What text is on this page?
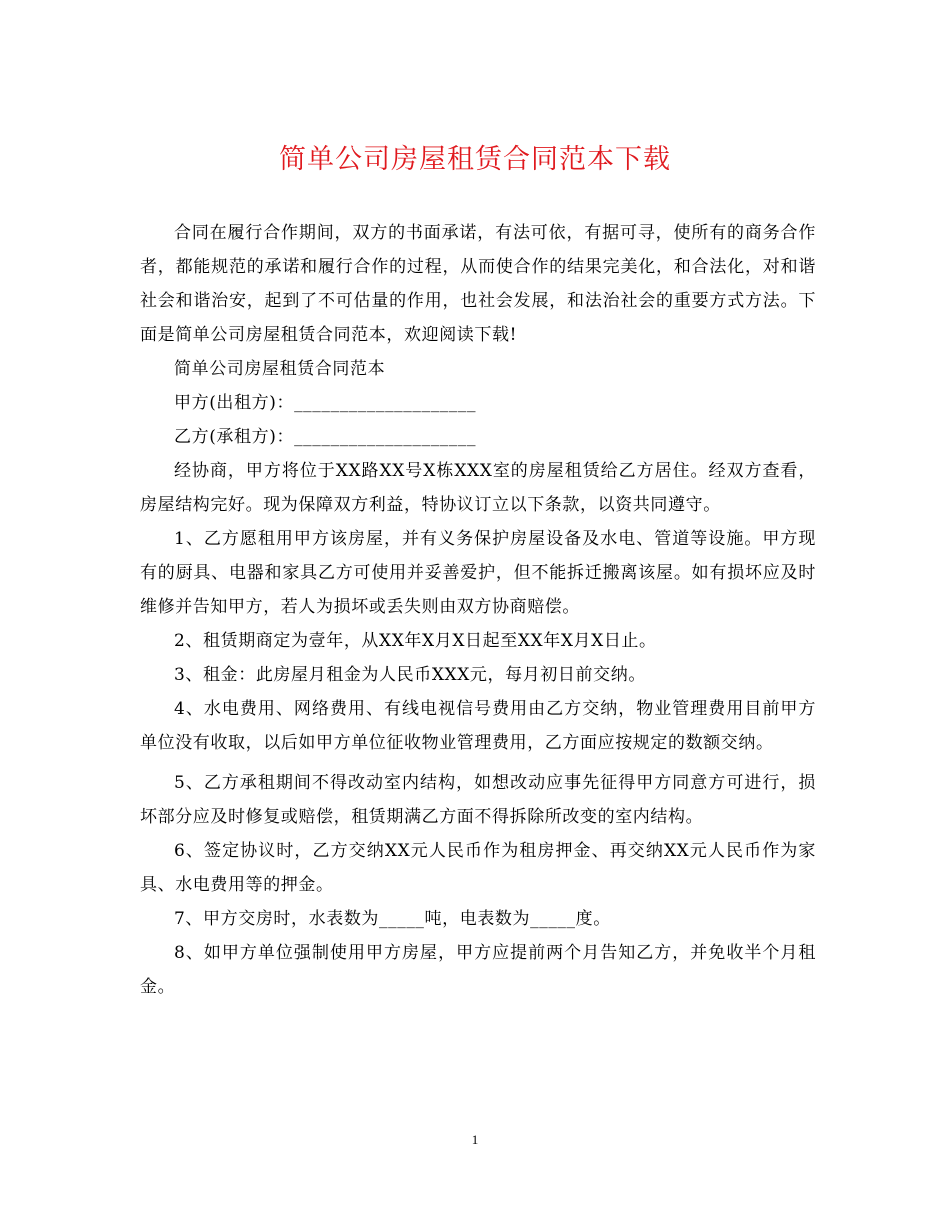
简单公司房屋租赁合同范本下载

合同在履行合作期间，双方的书面承诺，有法可依，有据可寻，使所有的商务合作者，都能规范的承诺和履行合作的过程，从而使合作的结果完美化，和合法化，对和谐社会和谐治安，起到了不可估量的作用，也社会发展，和法治社会的重要方式方法。下面是简单公司房屋租赁合同范本，欢迎阅读下载!

简单公司房屋租赁合同范本

甲方(出租方)：____________________

乙方(承租方)：____________________

经协商，甲方将位于XX路XX号X栋XXX室的房屋租赁给乙方居住。经双方查看，房屋结构完好。现为保障双方利益，特协议订立以下条款，以资共同遵守。

1、乙方愿租用甲方该房屋，并有义务保护房屋设备及水电、管道等设施。甲方现有的厨具、电器和家具乙方可使用并妥善爱护，但不能拆迁搬离该屋。如有损坏应及时维修并告知甲方，若人为损坏或丢失则由双方协商赔偿。

2、租赁期商定为壹年，从XX年X月X日起至XX年X月X日止。

3、租金：此房屋月租金为人民币XXX元，每月初日前交纳。

4、水电费用、网络费用、有线电视信号费用由乙方交纳，物业管理费用目前甲方单位没有收取，以后如甲方单位征收物业管理费用，乙方面应按规定的数额交纳。

5、乙方承租期间不得改动室内结构，如想改动应事先征得甲方同意方可进行，损坏部分应及时修复或赔偿，租赁期满乙方面不得拆除所改变的室内结构。

6、签定协议时，乙方交纳XX元人民币作为租房押金、再交纳XX元人民币作为家具、水电费用等的押金。

7、甲方交房时，水表数为_____吨，电表数为_____度。

8、如甲方单位强制使用甲方房屋，甲方应提前两个月告知乙方，并免收半个月租金。

1
